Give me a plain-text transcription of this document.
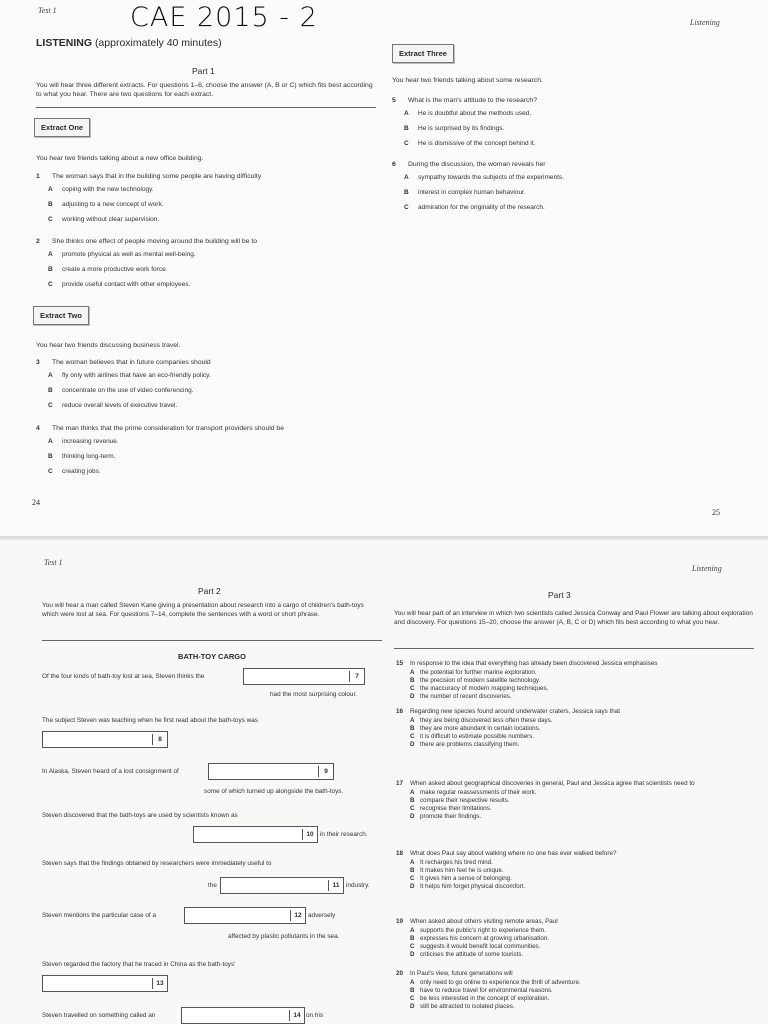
Test 1	CAE 2015 - 2	Listening
LISTENING (approximately 40 minutes)
Part 1
You will hear three different extracts. For questions 1–6, choose the answer (A, B or C) which fits best according to what you hear. There are two questions for each extract.
Extract One
You hear two friends talking about a new office building.
1 The woman says that in the building some people are having difficulty
A coping with the new technology.
B adjusting to a new concept of work.
C working without clear supervision.
2 She thinks one effect of people moving around the building will be to
A promote physical as well as mental well-being.
B create a more productive work force.
C provide useful contact with other employees.
3 The woman believes that in future companies should
A fly only with airlines that have an eco-friendly policy.
B concentrate on the use of video conferencing.
C reduce overall levels of executive travel.
4 The man thinks that the prime consideration for transport providers should be
A increasing revenue.
B thinking long-term.
C creating jobs.
Extract Two
You hear two friends discussing business travel.
24
Extract Three
You hear two friends talking about some research.
5 What is the man's attitude to the research?
A He is doubtful about the methods used.
B He is surprised by its findings.
C He is dismissive of the concept behind it.
6 During the discussion, the woman reveals her
A sympathy towards the subjects of the experiments.
B interest in complex human behaviour.
C admiration for the originality of the research.
25
Test 1
Listening
Part 2
You will hear a man called Steven Kane giving a presentation about research into a cargo of children's bath-toys which were lost at sea. For questions 7–14, complete the sentences with a word or short phrase.
BATH-TOY CARGO
Of the four kinds of bath-toy lost at sea, Steven thinks the	7
had the most surprising colour.
The subject Steven was teaching when he first read about the bath-toys was
8
In Alaska, Steven heard of a lost consignment of	9
some of which turned up alongside the bath-toys.
Steven discovered that the bath-toys are used by scientists known as
10 in their research.
Steven says that the findings obtained by researchers were immediately useful to
the	11	industry.
Steven mentions the particular case of a	12 adversely
affected by plastic pollutants in the sea.
Steven regarded the factory that he traced in China as the bath-toys'
13
Steven travelled on something called an	14 on his
Part 3
You will hear part of an interview in which two scientists called Jessica Conway and Paul Flower are talking about exploration and discovery. For questions 15–20, choose the answer (A, B, C or D) which fits best according to what you hear.
15 In response to the idea that everything has already been discovered Jessica emphasises
A the potential for further marine exploration.
B the precision of modern satellite technology.
C the inaccuracy of modern mapping techniques.
D the number of recent discoveries.
16 Regarding new species found around underwater craters, Jessica says that
A they are being discovered less often these days.
B they are more abundant in certain locations.
C it is difficult to estimate possible numbers.
D there are problems classifying them.
17 When asked about geographical discoveries in general, Paul and Jessica agree that scientists need to
A make regular reassessments of their work.
B compare their respective results.
C recognise their limitations.
D promote their findings.
18 What does Paul say about walking where no one has ever walked before?
A It recharges his tired mind.
B It makes him feel he is unique.
C It gives him a sense of belonging.
D It helps him forget physical discomfort.
19 When asked about others visiting remote areas, Paul
A supports the public's right to experience them.
B expresses his concern at growing urbanisation.
C suggests it would benefit local communities.
D criticises the attitude of some tourists.
20 In Paul's view, future generations will
A only need to go online to experience the thrill of adventure.
B have to reduce travel for environmental reasons.
C be less interested in the concept of exploration.
D still be attracted to isolated places.
